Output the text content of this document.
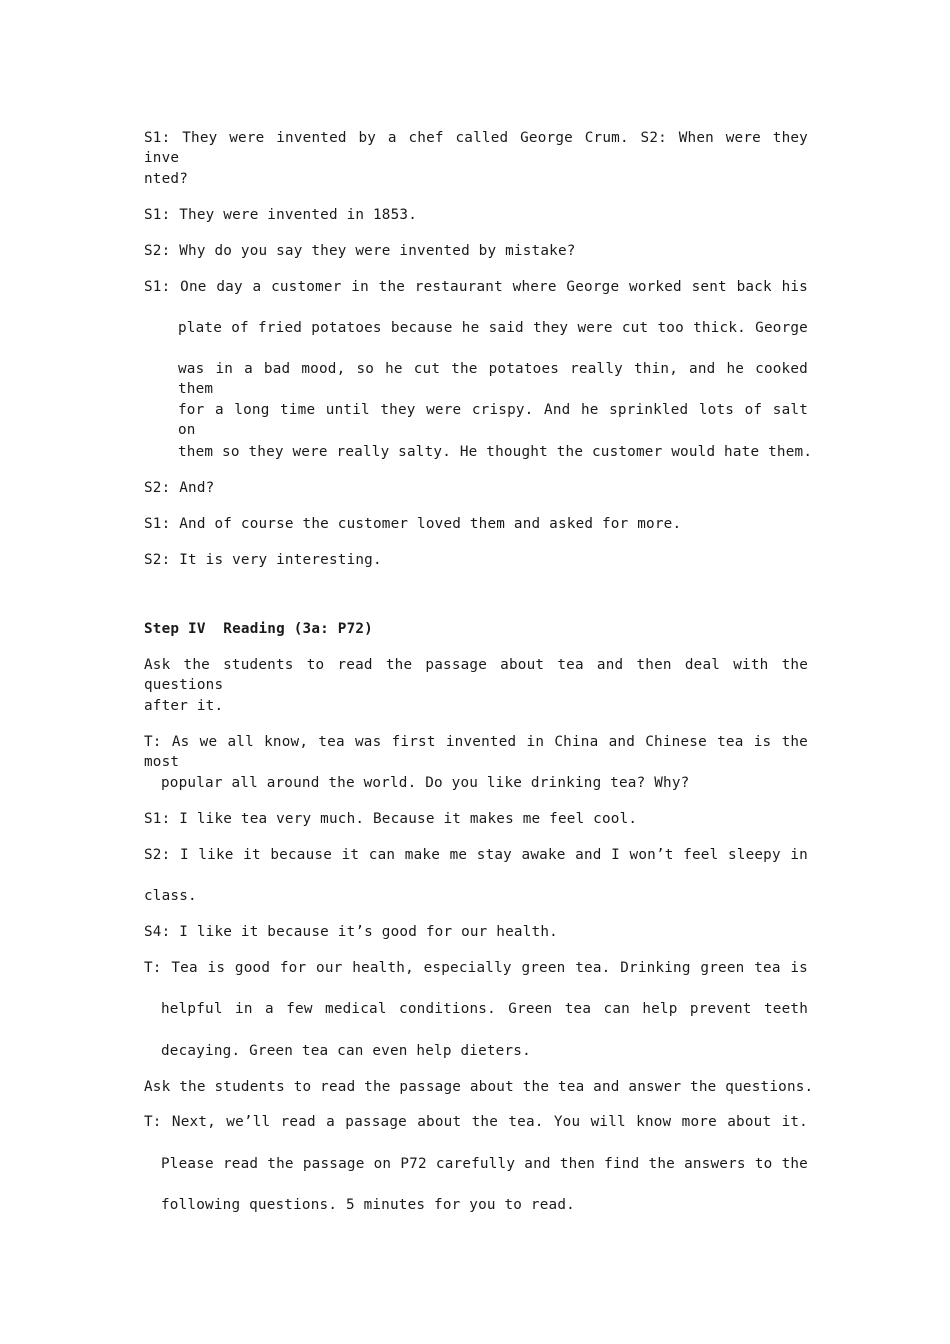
S1: They were invented by a chef called George Crum. S2: When were they inve
nted?
S1: They were invented in 1853.
S2: Why do you say they were invented by mistake?
S1: One day a customer in the restaurant where George worked sent back his
plate of fried potatoes because he said they were cut too thick. George
was in a bad mood, so he cut the potatoes really thin, and he cooked them
for a long time until they were crispy. And he sprinkled lots of salt on
them so they were really salty. He thought the customer would hate them.
S2: And?
S1: And of course the customer loved them and asked for more.
S2: It is very interesting.
Step IV  Reading (3a: P72)
Ask the students to read the passage about tea and then deal with the questions
after it.
T: As we all know, tea was first invented in China and Chinese tea is the most
popular all around the world. Do you like drinking tea? Why?
S1: I like tea very much. Because it makes me feel cool.
S2: I like it because it can make me stay awake and I won’t feel sleepy in
class.
S4: I like it because it’s good for our health.
T: Tea is good for our health, especially green tea. Drinking green tea is
helpful in a few medical conditions. Green tea can help prevent teeth
decaying. Green tea can even help dieters.
Ask the students to read the passage about the tea and answer the questions.
T: Next, we’ll read a passage about the tea. You will know more about it.
Please read the passage on P72 carefully and then find the answers to the
following questions. 5 minutes for you to read.
